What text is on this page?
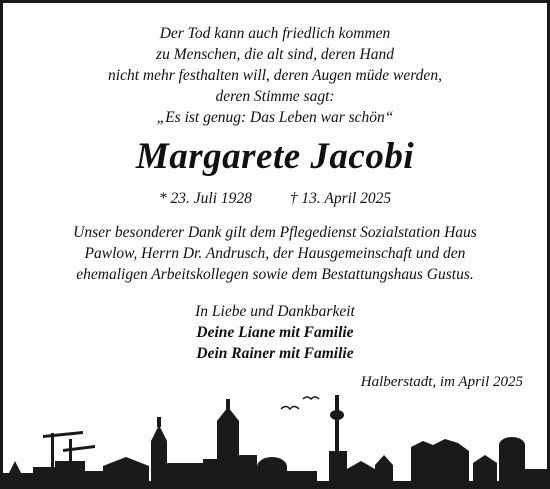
Der Tod kann auch friedlich kommen
zu Menschen, die alt sind, deren Hand
nicht mehr festhalten will, deren Augen müde werden,
deren Stimme sagt:
„Es ist genug: Das Leben war schön“
Margarete Jacobi
* 23. Juli 1928 † 13. April 2025
Unser besonderer Dank gilt dem Pflegedienst Sozialstation Haus
Pawlow, Herrn Dr. Andrusch, der Hausgemeinschaft und den
ehemaligen Arbeitskollegen sowie dem Bestattungshaus Gustus.
In Liebe und Dankbarkeit
Deine Liane mit Familie
Dein Rainer mit Familie
Halberstadt, im April 2025
